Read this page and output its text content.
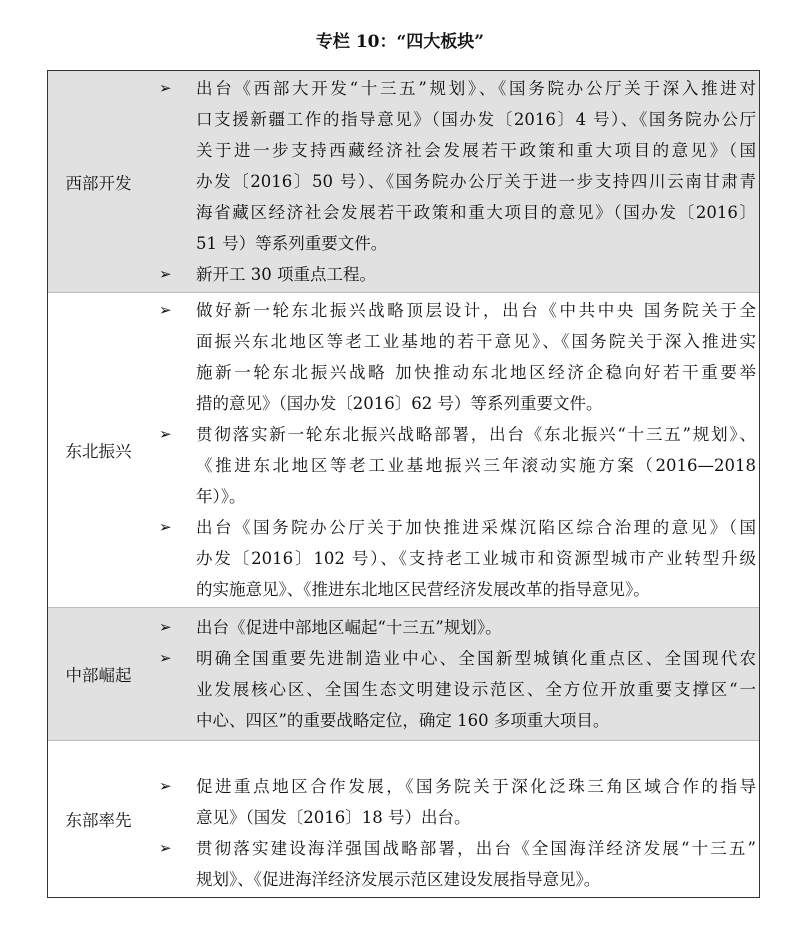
专栏 10：“四大板块”
西部开发
➢
出台《西部大开发“十三五”规划》、《国务院办公厅关于深入推进对
口支援新疆工作的指导意见》（国办发〔2016〕4 号）、《国务院办公厅
关于进一步支持西藏经济社会发展若干政策和重大项目的意见》（国
办发〔2016〕50 号）、《国务院办公厅关于进一步支持四川云南甘肃青
海省藏区经济社会发展若干政策和重大项目的意见》（国办发〔2016〕
51 号）等系列重要文件。
➢
新开工 30 项重点工程。
东北振兴
➢
做好新一轮东北振兴战略顶层设计，出台《中共中央 国务院关于全
面振兴东北地区等老工业基地的若干意见》、《国务院关于深入推进实
施新一轮东北振兴战略 加快推动东北地区经济企稳向好若干重要举
措的意见》（国办发〔2016〕62 号）等系列重要文件。
➢
贯彻落实新一轮东北振兴战略部署，出台《东北振兴“十三五”规划》、
《推进东北地区等老工业基地振兴三年滚动实施方案（2016—2018
年）》。
➢
出台《国务院办公厅关于加快推进采煤沉陷区综合治理的意见》（国
办发〔2016〕102 号）、《支持老工业城市和资源型城市产业转型升级
的实施意见》、《推进东北地区民营经济发展改革的指导意见》。
中部崛起
➢
出台《促进中部地区崛起“十三五”规划》。
➢
明确全国重要先进制造业中心、全国新型城镇化重点区、全国现代农
业发展核心区、全国生态文明建设示范区、全方位开放重要支撑区“一
中心、四区”的重要战略定位，确定 160 多项重大项目。
东部率先
➢
促进重点地区合作发展，《国务院关于深化泛珠三角区域合作的指导
意见》（国发〔2016〕18 号）出台。
➢
贯彻落实建设海洋强国战略部署，出台《全国海洋经济发展“十三五”
规划》、《促进海洋经济发展示范区建设发展指导意见》。
